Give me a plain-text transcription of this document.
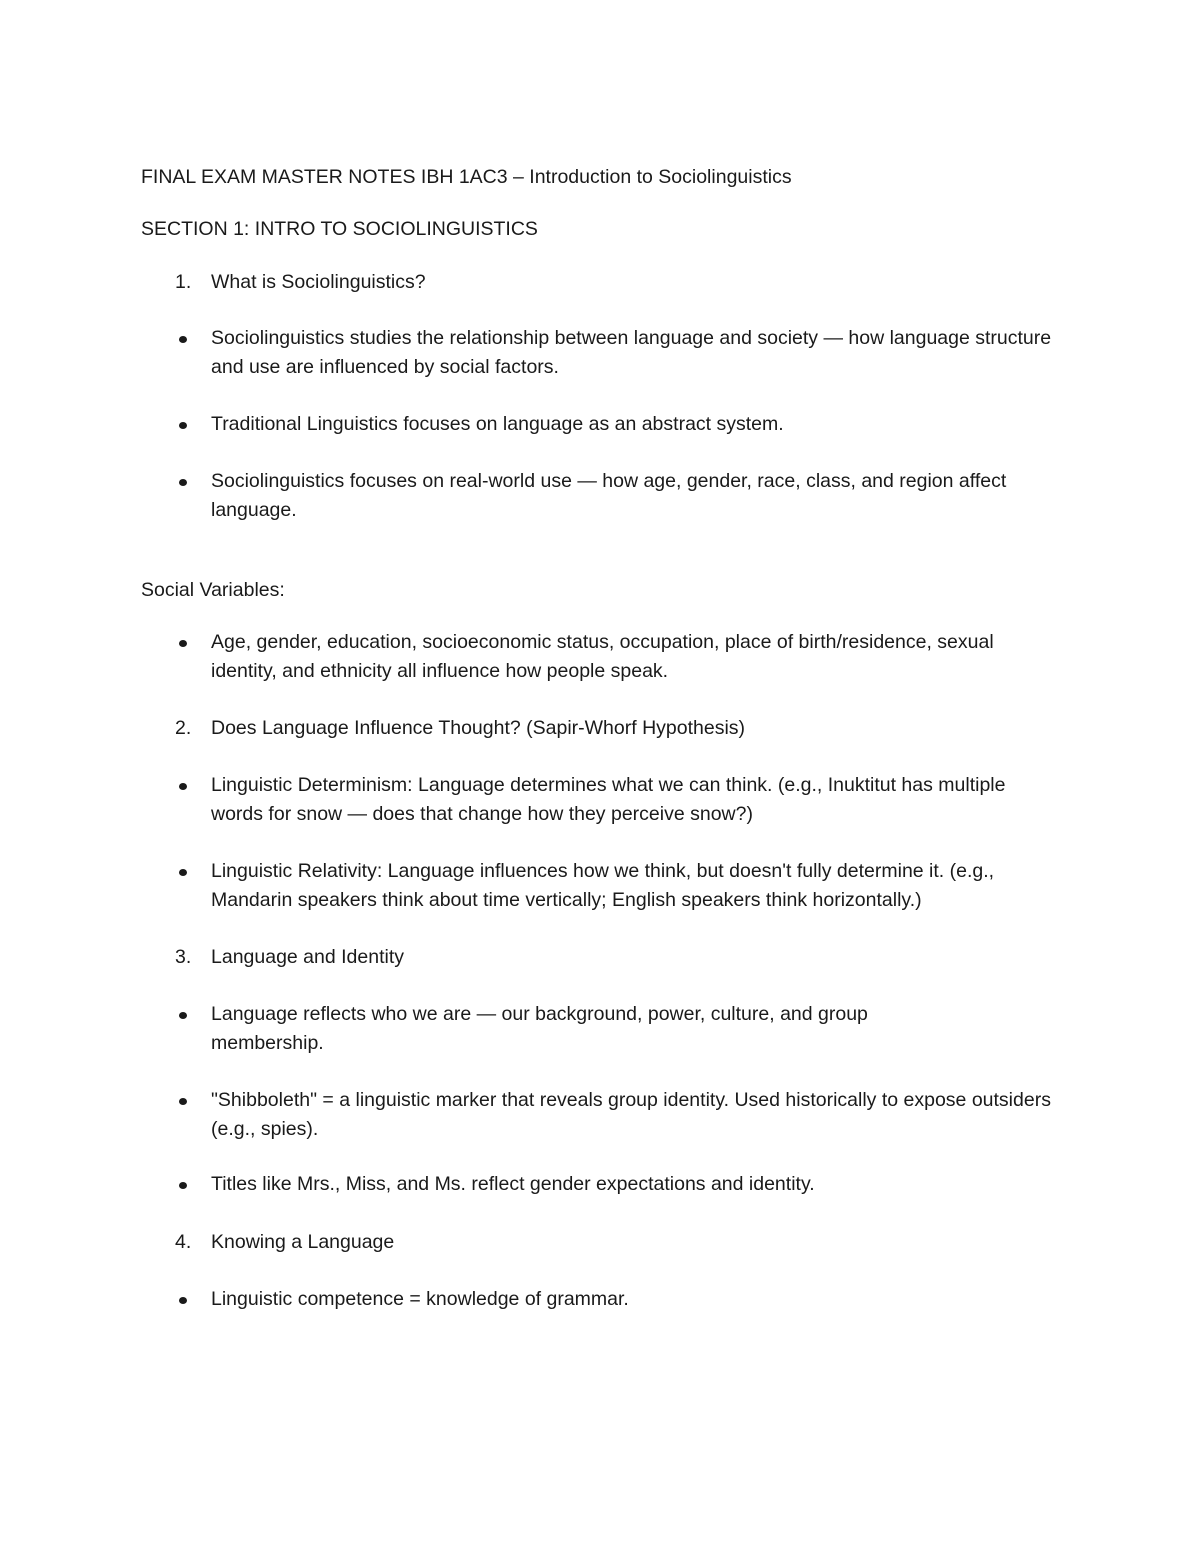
FINAL EXAM MASTER NOTES IBH 1AC3 – Introduction to Sociolinguistics

SECTION 1: INTRO TO SOCIOLINGUISTICS

1. What is Sociolinguistics?
Sociolinguistics studies the relationship between language and society — how language structure and use are influenced by social factors.
Traditional Linguistics focuses on language as an abstract system.
Sociolinguistics focuses on real-world use — how age, gender, race, class, and region affect language.

Social Variables:

Age, gender, education, socioeconomic status, occupation, place of birth/residence, sexual identity, and ethnicity all influence how people speak.
2. Does Language Influence Thought? (Sapir-Whorf Hypothesis)
Linguistic Determinism: Language determines what we can think. (e.g., Inuktitut has multiple words for snow — does that change how they perceive snow?)
Linguistic Relativity: Language influences how we think, but doesn't fully determine it. (e.g., Mandarin speakers think about time vertically; English speakers think horizontally.)
3. Language and Identity
Language reflects who we are — our background, power, culture, and group membership.
"Shibboleth" = a linguistic marker that reveals group identity. Used historically to expose outsiders (e.g., spies).
Titles like Mrs., Miss, and Ms. reflect gender expectations and identity.
4. Knowing a Language
Linguistic competence = knowledge of grammar.
